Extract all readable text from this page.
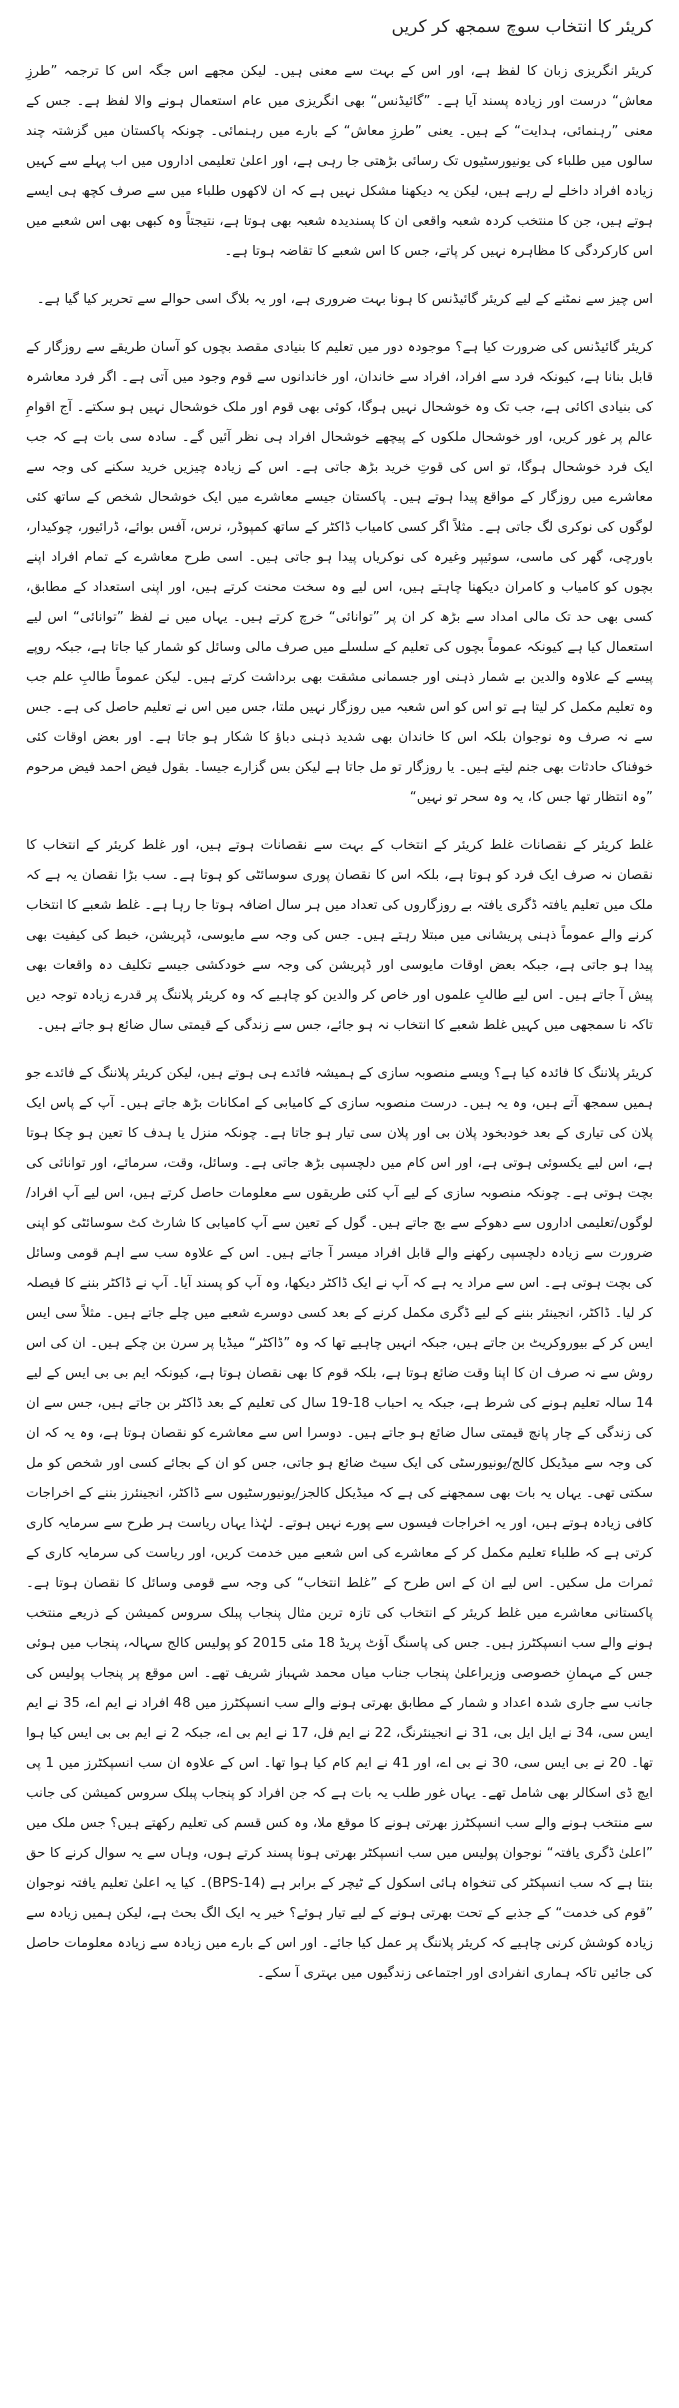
کریئر کا انتخاب سوچ سمجھ کر کریں

کریئر انگریزی زبان کا لفظ ہے، اور اس کے بہت سے معنی ہیں۔ لیکن مجھے اس جگہ اس کا ترجمہ ”طرزِ معاش“ درست اور زیادہ پسند آیا ہے۔ ”گائیڈنس“ بھی انگریزی میں عام استعمال ہونے والا لفظ ہے۔ جس کے معنی ”رہنمائی، ہدایت“ کے ہیں۔ یعنی ”طرزِ معاش“ کے بارے میں رہنمائی۔ چونکہ پاکستان میں گزشتہ چند سالوں میں طلباء کی یونیورسٹیوں تک رسائی بڑھتی جا رہی ہے، اور اعلیٰ تعلیمی اداروں میں اب پہلے سے کہیں زیادہ افراد داخلے لے رہے ہیں، لیکن یہ دیکھنا مشکل نہیں ہے کہ ان لاکھوں طلباء میں سے صرف کچھ ہی ایسے ہوتے ہیں، جن کا منتخب کردہ شعبہ واقعی ان کا پسندیدہ شعبہ بھی ہوتا ہے، نتیجتاً وہ کبھی بھی اس شعبے میں اس کارکردگی کا مظاہرہ نہیں کر پاتے، جس کا اس شعبے کا تقاضہ ہوتا ہے۔

اس چیز سے نمٹنے کے لیے کریئر گائیڈنس کا ہونا بہت ضروری ہے، اور یہ بلاگ اسی حوالے سے تحریر کیا گیا ہے۔

کریئر گائیڈنس کی ضرورت کیا ہے؟ موجودہ دور میں تعلیم کا بنیادی مقصد بچوں کو آسان طریقے سے روزگار کے قابل بنانا ہے، کیونکہ فرد سے افراد، افراد سے خاندان، اور خاندانوں سے قوم وجود میں آتی ہے۔ اگر فرد معاشرہ کی بنیادی اکائی ہے، جب تک وہ خوشحال نہیں ہوگا، کوئی بھی قوم اور ملک خوشحال نہیں ہو سکتے۔ آج اقوامِ عالم پر غور کریں، اور خوشحال ملکوں کے پیچھے خوشحال افراد ہی نظر آئیں گے۔ سادہ سی بات ہے کہ جب ایک فرد خوشحال ہوگا، تو اس کی قوتِ خرید بڑھ جاتی ہے۔ اس کے زیادہ چیزیں خرید سکنے کی وجہ سے معاشرے میں روزگار کے مواقع پیدا ہوتے ہیں۔ پاکستان جیسے معاشرے میں ایک خوشحال شخص کے ساتھ کئی لوگوں کی نوکری لگ جاتی ہے۔ مثلاً اگر کسی کامیاب ڈاکٹر کے ساتھ کمپوڈر، نرس، آفس بوائے، ڈرائیور، چوکیدار، باورچی، گھر کی ماسی، سوئیپر وغیرہ کی نوکریاں پیدا ہو جاتی ہیں۔ اسی طرح معاشرے کے تمام افراد اپنے بچوں کو کامیاب و کامران دیکھنا چاہتے ہیں، اس لیے وہ سخت محنت کرتے ہیں، اور اپنی استعداد کے مطابق، کسی بھی حد تک مالی امداد سے بڑھ کر ان پر ”توانائی“ خرچ کرتے ہیں۔ یہاں میں نے لفظ ”توانائی“ اس لیے استعمال کیا ہے کیونکہ عموماً بچوں کی تعلیم کے سلسلے میں صرف مالی وسائل کو شمار کیا جاتا ہے، جبکہ روپے پیسے کے علاوہ والدین بے شمار ذہنی اور جسمانی مشقت بھی برداشت کرتے ہیں۔ لیکن عموماً طالبِ علم جب وہ تعلیم مکمل کر لیتا ہے تو اس کو اس شعبہ میں روزگار نہیں ملتا، جس میں اس نے تعلیم حاصل کی ہے۔ جس سے نہ صرف وہ نوجوان بلکہ اس کا خاندان بھی شدید ذہنی دباؤ کا شکار ہو جاتا ہے۔ اور بعض اوقات کئی خوفناک حادثات بھی جنم لیتے ہیں۔ یا روزگار تو مل جاتا ہے لیکن بس گزارے جیسا۔ بقول فیض احمد فیض مرحوم ”وہ انتظار تھا جس کا، یہ وہ سحر تو نہیں“

غلط کریئر کے نقصانات غلط کریئر کے انتخاب کے بہت سے نقصانات ہوتے ہیں، اور غلط کریئر کے انتخاب کا نقصان نہ صرف ایک فرد کو ہوتا ہے، بلکہ اس کا نقصان پوری سوسائٹی کو ہوتا ہے۔ سب بڑا نقصان یہ ہے کہ ملک میں تعلیم یافتہ ڈگری یافتہ بے روزگاروں کی تعداد میں ہر سال اضافہ ہوتا جا رہا ہے۔ غلط شعبے کا انتخاب کرنے والے عموماً ذہنی پریشانی میں مبتلا رہتے ہیں۔ جس کی وجہ سے مایوسی، ڈپریشن، خبط کی کیفیت بھی پیدا ہو جاتی ہے، جبکہ بعض اوقات مایوسی اور ڈپریشن کی وجہ سے خودکشی جیسے تکلیف دہ واقعات بھی پیش آ جاتے ہیں۔ اس لیے طالبِ علموں اور خاص کر والدین کو چاہیے کہ وہ کریئر پلاننگ پر قدرے زیادہ توجہ دیں تاکہ نا سمجھی میں کہیں غلط شعبے کا انتخاب نہ ہو جائے، جس سے زندگی کے قیمتی سال ضائع ہو جاتے ہیں۔

کریئر پلاننگ کا فائدہ کیا ہے؟ ویسے منصوبہ سازی کے ہمیشہ فائدے ہی ہوتے ہیں، لیکن کریئر پلاننگ کے فائدے جو ہمیں سمجھ آتے ہیں، وہ یہ ہیں۔ درست منصوبہ سازی کے کامیابی کے امکانات بڑھ جاتے ہیں۔ آپ کے پاس ایک پلان کی تیاری کے بعد خودبخود پلان بی اور پلان سی تیار ہو جاتا ہے۔ چونکہ منزل یا ہدف کا تعین ہو چکا ہوتا ہے، اس لیے یکسوئی ہوتی ہے، اور اس کام میں دلچسپی بڑھ جاتی ہے۔ وسائل، وقت، سرمائے، اور توانائی کی بچت ہوتی ہے۔ چونکہ منصوبہ سازی کے لیے آپ کئی طریقوں سے معلومات حاصل کرتے ہیں، اس لیے آپ افراد/لوگوں/تعلیمی اداروں سے دھوکے سے بچ جاتے ہیں۔ گول کے تعین سے آپ کامیابی کا شارٹ کٹ سوسائٹی کو اپنی ضرورت سے زیادہ دلچسپی رکھنے والے قابل افراد میسر آ جاتے ہیں۔ اس کے علاوہ سب سے اہم قومی وسائل کی بچت ہوتی ہے۔ اس سے مراد یہ ہے کہ آپ نے ایک ڈاکٹر دیکھا، وہ آپ کو پسند آیا۔ آپ نے ڈاکٹر بننے کا فیصلہ کر لیا۔ ڈاکٹر، انجینئر بننے کے لیے ڈگری مکمل کرنے کے بعد کسی دوسرے شعبے میں چلے جاتے ہیں۔ مثلاً سی ایس ایس کر کے بیوروکریٹ بن جاتے ہیں، جبکہ انہیں چاہیے تھا کہ وہ ”ڈاکٹر“ میڈیا پر سرن بن چکے ہیں۔ ان کی اس روش سے نہ صرف ان کا اپنا وقت ضائع ہوتا ہے، بلکہ قوم کا بھی نقصان ہوتا ہے، کیونکہ ایم بی بی ایس کے لیے 14 سالہ تعلیم ہونے کی شرط ہے، جبکہ یہ احباب 18-19 سال کی تعلیم کے بعد ڈاکٹر بن جاتے ہیں، جس سے ان کی زندگی کے چار پانچ قیمتی سال ضائع ہو جاتے ہیں۔ دوسرا اس سے معاشرے کو نقصان ہوتا ہے، وہ یہ کہ ان کی وجہ سے میڈیکل کالج/یونیورسٹی کی ایک سیٹ ضائع ہو جاتی، جس کو ان کے بجائے کسی اور شخص کو مل سکتی تھی۔ یہاں یہ بات بھی سمجھنے کی ہے کہ میڈیکل کالجز/یونیورسٹیوں سے ڈاکٹر، انجینئرز بننے کے اخراجات کافی زیادہ ہوتے ہیں، اور یہ اخراجات فیسوں سے پورے نہیں ہوتے۔ لہٰذا یہاں ریاست ہر طرح سے سرمایہ کاری کرتی ہے کہ طلباء تعلیم مکمل کر کے معاشرے کی اس شعبے میں خدمت کریں، اور ریاست کی سرمایہ کاری کے ثمرات مل سکیں۔ اس لیے ان کے اس طرح کے ”غلط انتخاب“ کی وجہ سے قومی وسائل کا نقصان ہوتا ہے۔ پاکستانی معاشرے میں غلط کریئر کے انتخاب کی تازہ ترین مثال پنجاب پبلک سروس کمیشن کے ذریعے منتخب ہونے والے سب انسپکٹرز ہیں۔ جس کی پاسنگ آؤٹ پریڈ 18 مئی 2015 کو پولیس کالج سہالہ، پنجاب میں ہوئی جس کے مہمانِ خصوصی وزیراعلیٰ پنجاب جناب میاں محمد شہباز شریف تھے۔ اس موقع پر پنجاب پولیس کی جانب سے جاری شدہ اعداد و شمار کے مطابق بھرتی ہونے والے سب انسپکٹرز میں 48 افراد نے ایم اے، 35 نے ایم ایس سی، 34 نے ایل ایل بی، 31 نے انجینئرنگ، 22 نے ایم فل، 17 نے ایم بی اے، جبکہ 2 نے ایم بی بی ایس کیا ہوا تھا۔ 20 نے بی ایس سی، 30 نے بی اے، اور 41 نے ایم کام کیا ہوا تھا۔ اس کے علاوہ ان سب انسپکٹرز میں 1 پی ایچ ڈی اسکالر بھی شامل تھے۔ یہاں غور طلب یہ بات ہے کہ جن افراد کو پنجاب پبلک سروس کمیشن کی جانب سے منتخب ہونے والے سب انسپکٹرز بھرتی ہونے کا موقع ملا، وہ کس قسم کی تعلیم رکھتے ہیں؟ جس ملک میں ”اعلیٰ ڈگری یافتہ“ نوجوان پولیس میں سب انسپکٹر بھرتی ہونا پسند کرتے ہوں، وہاں سے یہ سوال کرنے کا حق بنتا ہے کہ سب انسپکٹر کی تنخواہ ہائی اسکول کے ٹیچر کے برابر ہے (BPS-14)۔ کیا یہ اعلیٰ تعلیم یافتہ نوجوان ”قوم کی خدمت“ کے جذبے کے تحت بھرتی ہونے کے لیے تیار ہوئے؟ خیر یہ ایک الگ بحث ہے، لیکن ہمیں زیادہ سے زیادہ کوشش کرنی چاہیے کہ کریئر پلاننگ پر عمل کیا جائے۔ اور اس کے بارے میں زیادہ سے زیادہ معلومات حاصل کی جائیں تاکہ ہماری انفرادی اور اجتماعی زندگیوں میں بہتری آ سکے۔
